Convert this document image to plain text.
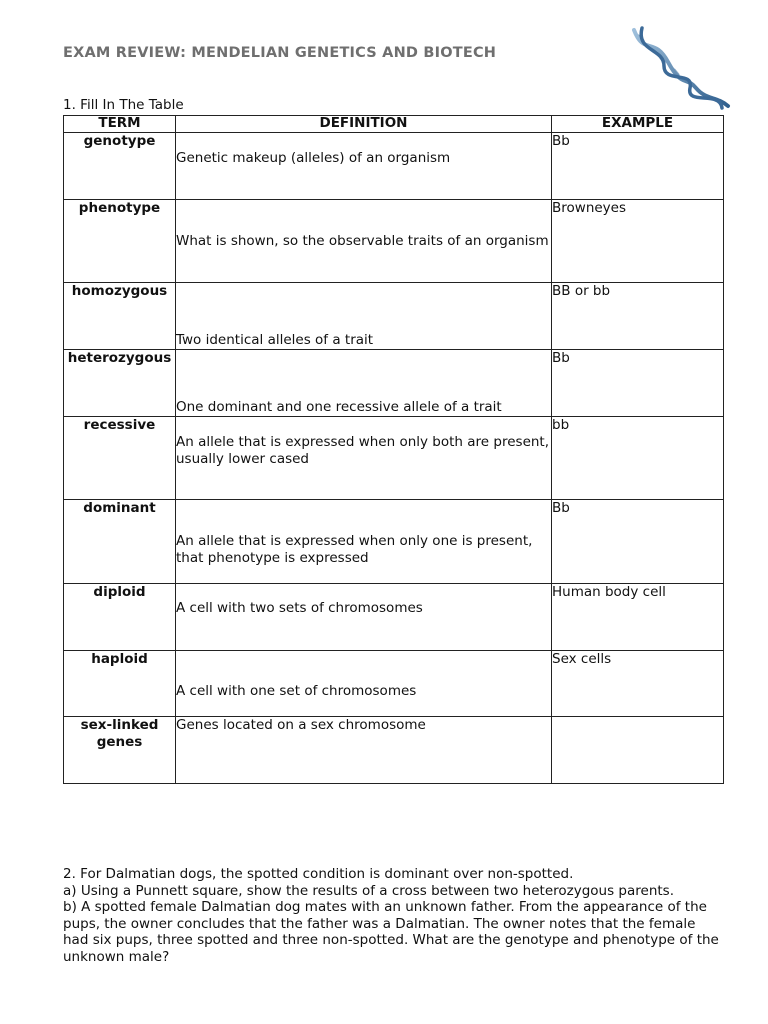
EXAM REVIEW: MENDELIAN GENETICS AND BIOTECH
1. Fill In The Table
TERM	DEFINITION	EXAMPLE
genotype	Genetic makeup (alleles) of an organism	Bb
phenotype	What is shown, so the observable traits of an organism	Browneyes
homozygous	Two identical alleles of a trait	BB or bb
heterozygous	One dominant and one recessive allele of a trait	Bb
recessive	An allele that is expressed when only both are present, usually lower cased	bb
dominant	An allele that is expressed when only one is present, that phenotype is expressed	Bb
diploid	A cell with two sets of chromosomes	Human body cell
haploid	A cell with one set of chromosomes	Sex cells
sex-linked genes	Genes located on a sex chromosome	

2. For Dalmatian dogs, the spotted condition is dominant over non-spotted.

a) Using a Punnett square, show the results of a cross between two heterozygous parents.

b) A spotted female Dalmatian dog mates with an unknown father. From the appearance of the pups, the owner concludes that the father was a Dalmatian. The owner notes that the female had six pups, three spotted and three non-spotted. What are the genotype and phenotype of the unknown male?
